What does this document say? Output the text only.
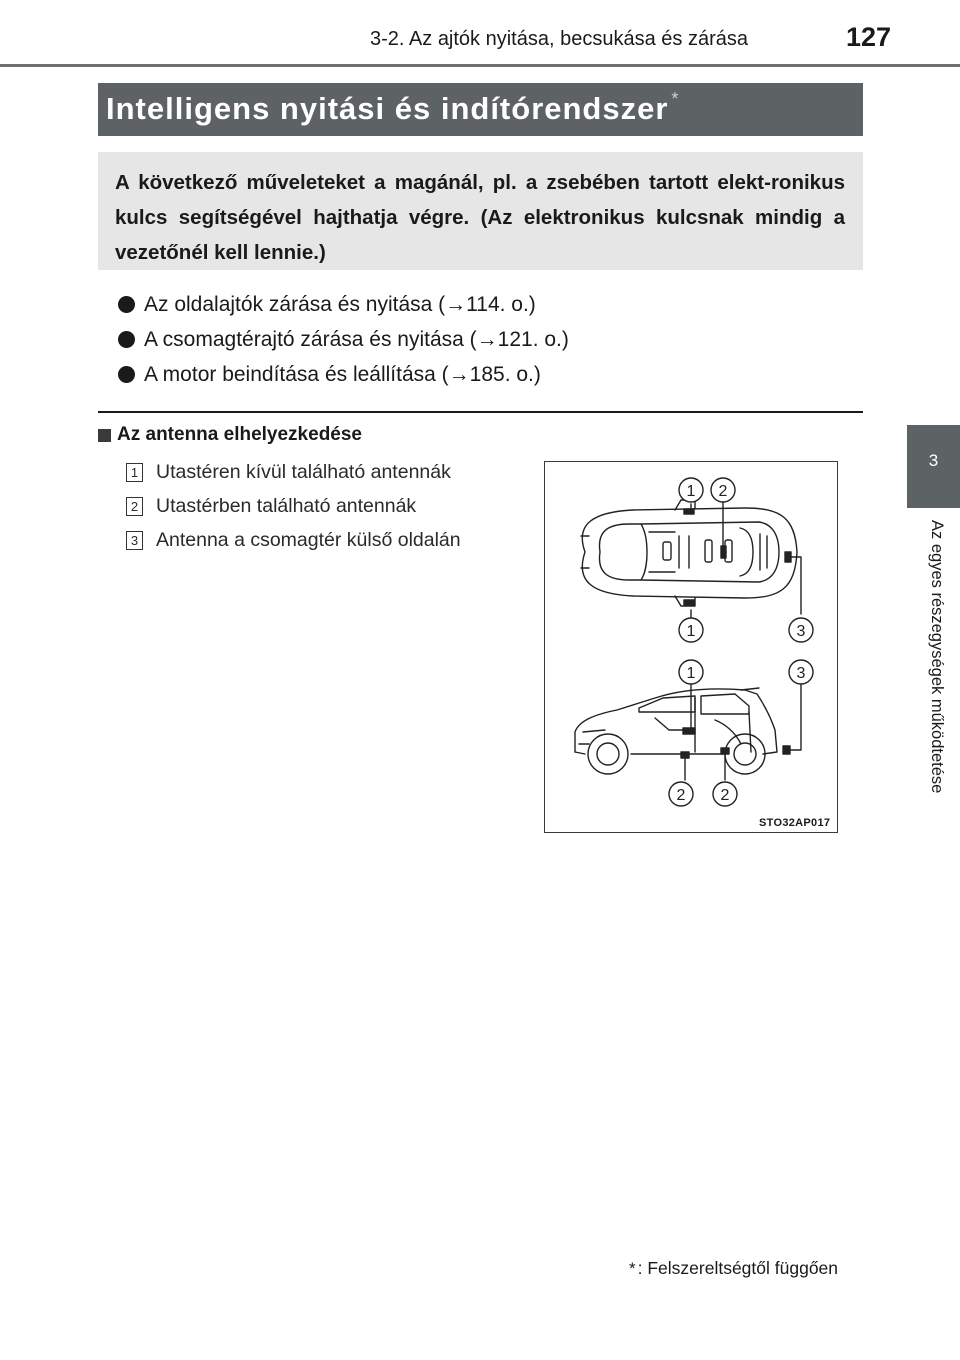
3-2. Az ajtók nyitása, becsukása és zárása	127
3
Az egyes részegységek működtetése
Intelligens nyitási és indítórendszer *

A következő műveleteket a magánál, pl. a zsebében tartott elekt-ronikus kulcs segítségével hajthatja végre. (Az elektronikus kulcsnak mindig a vezetőnél kell lennie.)

Az oldalajtók zárása és nyitása (→114. o.)
A csomagtérajtó zárása és nyitása (→121. o.)
A motor beindítása és leállítása (→185. o.)
Az antenna elhelyezkedése
1 Utastéren kívül található antennák
2 Utastérben található antennák
3 Antenna a csomagtér külső oldalán
1 2
1	3
1	3
2 2
STO32AP017
* : Felszereltségtől függően
